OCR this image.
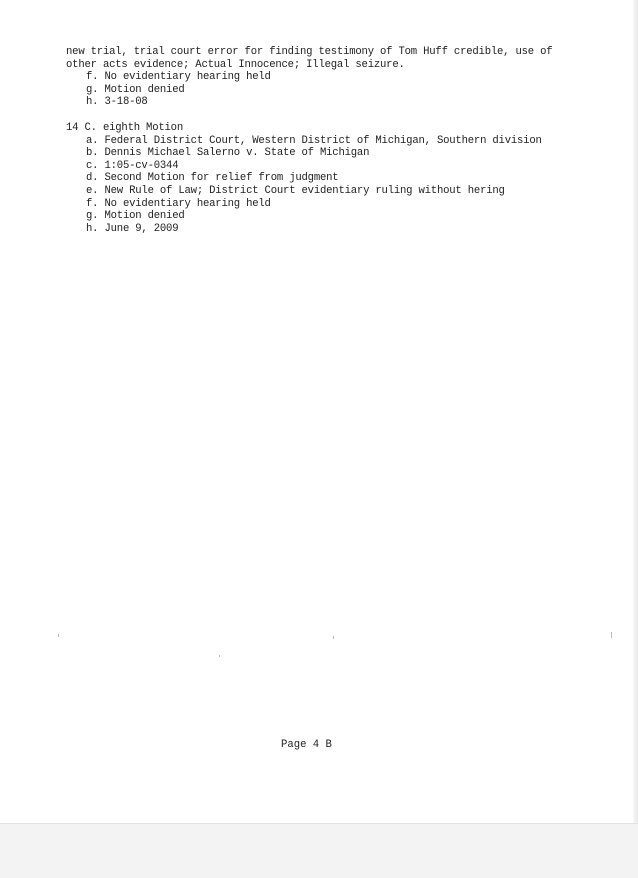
new trial, trial court error for finding testimony of Tom Huff credible, use of
other acts evidence; Actual Innocence; Illegal seizure.
f. No evidentiary hearing held
g. Motion denied
h. 3-18-08
14 C. eighth Motion
a. Federal District Court, Western District of Michigan, Southern division
b. Dennis Michael Salerno v. State of Michigan
c. 1:05-cv-0344
d. Second Motion for relief from judgment
e. New Rule of Law; District Court evidentiary ruling without hering
f. No evidentiary hearing held
g. Motion denied
h. June 9, 2009
Page 4 B
